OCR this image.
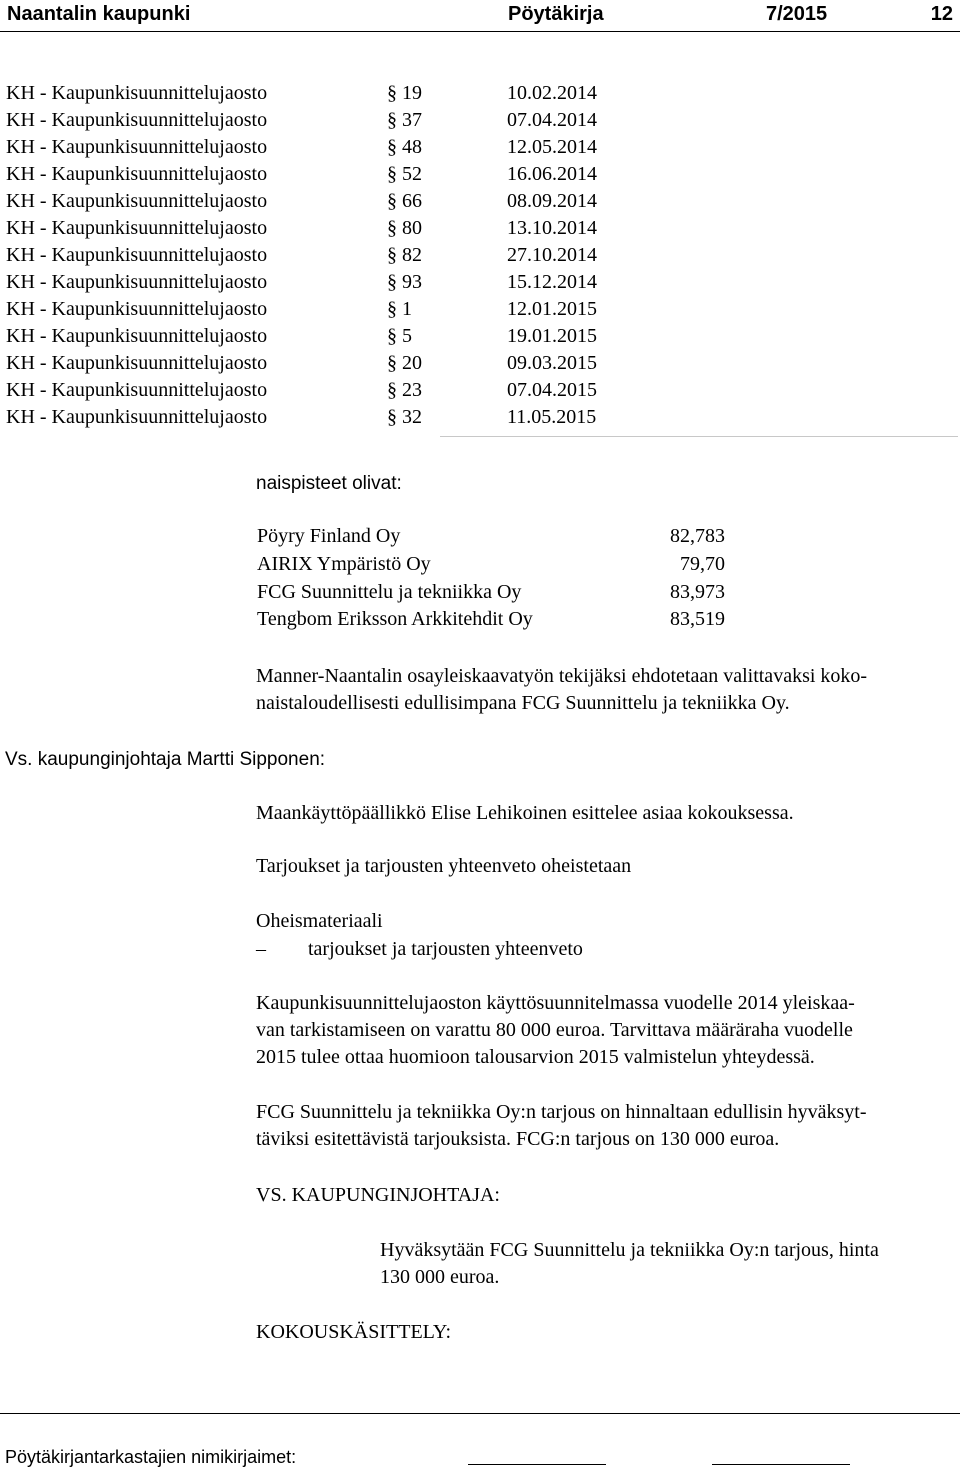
Naantalin kaupunki	Pöytäkirja	7/2015	12
KH - Kaupunkisuunnittelujaosto	§ 19	10.02.2014
KH - Kaupunkisuunnittelujaosto	§ 37	07.04.2014
KH - Kaupunkisuunnittelujaosto	§ 48	12.05.2014
KH - Kaupunkisuunnittelujaosto	§ 52	16.06.2014
KH - Kaupunkisuunnittelujaosto	§ 66	08.09.2014
KH - Kaupunkisuunnittelujaosto	§ 80	13.10.2014
KH - Kaupunkisuunnittelujaosto	§ 82	27.10.2014
KH - Kaupunkisuunnittelujaosto	§ 93	15.12.2014
KH - Kaupunkisuunnittelujaosto	§ 1	12.01.2015
KH - Kaupunkisuunnittelujaosto	§ 5	19.01.2015
KH - Kaupunkisuunnittelujaosto	§ 20	09.03.2015
KH - Kaupunkisuunnittelujaosto	§ 23	07.04.2015
KH - Kaupunkisuunnittelujaosto	§ 32	11.05.2015
naispisteet olivat:
Pöyry Finland Oy	82,783
AIRIX Ympäristö Oy	79,70
FCG Suunnittelu ja tekniikka Oy	83,973
Tengbom Eriksson Arkkitehdit Oy	83,519
Manner-Naantalin osayleiskaavatyön tekijäksi ehdotetaan valittavaksi koko-
naistaloudellisesti edullisimpana FCG Suunnittelu ja tekniikka Oy.
Vs. kaupunginjohtaja Martti Sipponen:
Maankäyttöpäällikkö Elise Lehikoinen esittelee asiaa kokouksessa.
Tarjoukset ja tarjousten yhteenveto oheistetaan
Oheismateriaali
– tarjoukset ja tarjousten yhteenveto
Kaupunkisuunnittelujaoston käyttösuunnitelmassa vuodelle 2014 yleiskaa-
van tarkistamiseen on varattu 80 000 euroa. Tarvittava määräraha vuodelle
2015 tulee ottaa huomioon talousarvion 2015 valmistelun yhteydessä.
FCG Suunnittelu ja tekniikka Oy:n tarjous on hinnaltaan edullisin hyväksyt-
täviksi esitettävistä tarjouksista. FCG:n tarjous on 130 000 euroa.
VS. KAUPUNGINJOHTAJA:
Hyväksytään FCG Suunnittelu ja tekniikka Oy:n tarjous, hinta
130 000 euroa.
KOKOUSKÄSITTELY:
Pöytäkirjantarkastajien nimikirjaimet:
